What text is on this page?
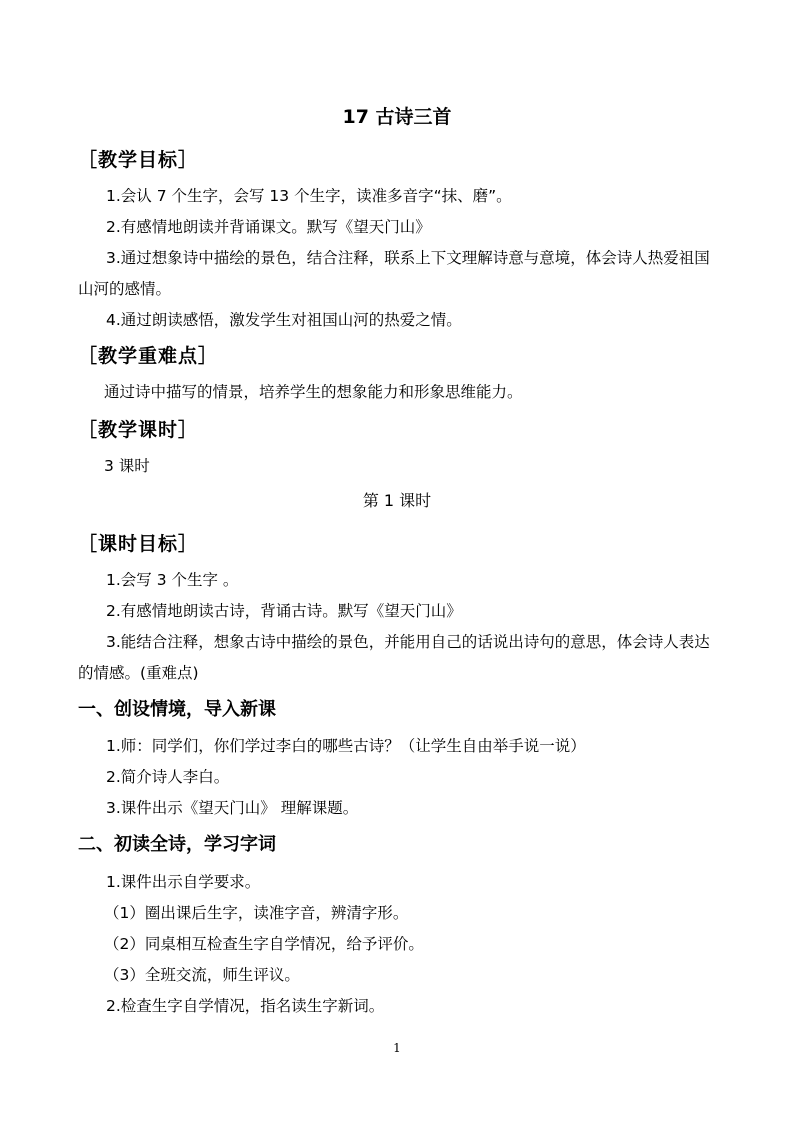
17 古诗三首
［教学目标］
1.会认 7 个生字，会写 13 个生字，读准多音字“抹、磨”。
2.有感情地朗读并背诵课文。默写《望天门山》
3.通过想象诗中描绘的景色，结合注释，联系上下文理解诗意与意境，体会诗人热爱祖国
山河的感情。
4.通过朗读感悟，激发学生对祖国山河的热爱之情。
［教学重难点］
通过诗中描写的情景，培养学生的想象能力和形象思维能力。
［教学课时］
3 课时
第 1 课时
［课时目标］
1.会写 3 个生字 。
2.有感情地朗读古诗，背诵古诗。默写《望天门山》
3.能结合注释，想象古诗中描绘的景色，并能用自己的话说出诗句的意思，体会诗人表达
的情感。(重难点)
一、创设情境，导入新课
1.师：同学们，你们学过李白的哪些古诗？（让学生自由举手说一说）
2.简介诗人李白。
3.课件出示《望天门山》 理解课题。
二、初读全诗，学习字词
1.课件出示自学要求。
（1）圈出课后生字，读准字音，辨清字形。
（2）同桌相互检查生字自学情况，给予评价。
（3）全班交流，师生评议。
2.检查生字自学情况，指名读生字新词。
1
